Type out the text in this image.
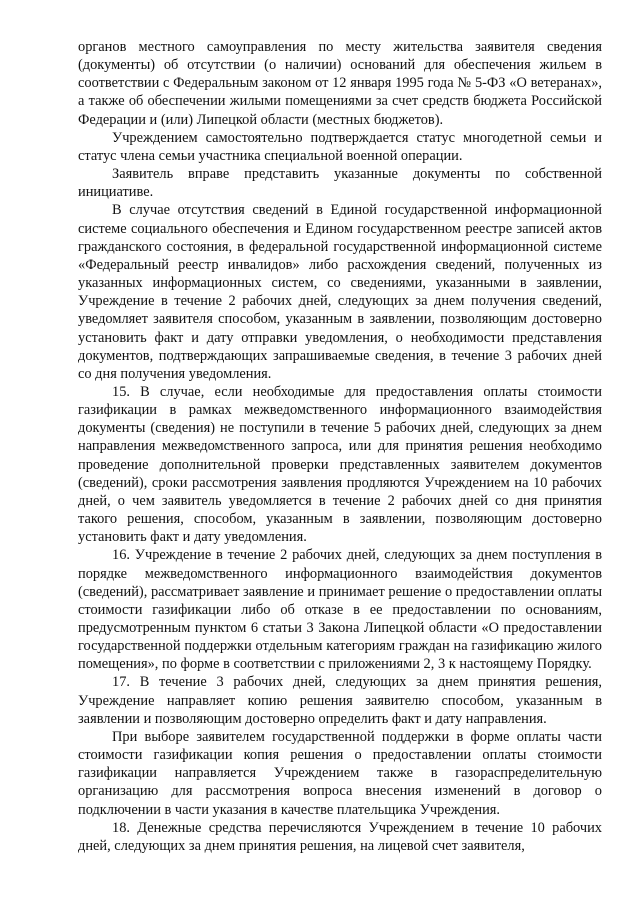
органов местного самоуправления по месту жительства заявителя сведения (документы) об отсутствии (о наличии) оснований для обеспечения жильем в соответствии с Федеральным законом от 12 января 1995 года № 5-ФЗ «О ветеранах», а также об обеспечении жилыми помещениями за счет средств бюджета Российской Федерации и (или) Липецкой области (местных бюджетов).

Учреждением самостоятельно подтверждается статус многодетной семьи и статус члена семьи участника специальной военной операции.

Заявитель вправе представить указанные документы по собственной инициативе.

В случае отсутствия сведений в Единой государственной информационной системе социального обеспечения и Едином государственном реестре записей актов гражданского состояния, в федеральной государственной информационной системе «Федеральный реестр инвалидов» либо расхождения сведений, полученных из указанных информационных систем, со сведениями, указанными в заявлении, Учреждение в течение 2 рабочих дней, следующих за днем получения сведений, уведомляет заявителя способом, указанным в заявлении, позволяющим достоверно установить факт и дату отправки уведомления, о необходимости представления документов, подтверждающих запрашиваемые сведения, в течение 3 рабочих дней со дня получения уведомления.

15. В случае, если необходимые для предоставления оплаты стоимости газификации в рамках межведомственного информационного взаимодействия документы (сведения) не поступили в течение 5 рабочих дней, следующих за днем направления межведомственного запроса, или для принятия решения необходимо проведение дополнительной проверки представленных заявителем документов (сведений), сроки рассмотрения заявления продляются Учреждением на 10 рабочих дней, о чем заявитель уведомляется в течение 2 рабочих дней со дня принятия такого решения, способом, указанным в заявлении, позволяющим достоверно установить факт и дату уведомления.

16. Учреждение в течение 2 рабочих дней, следующих за днем поступления в порядке межведомственного информационного взаимодействия документов (сведений), рассматривает заявление и принимает решение о предоставлении оплаты стоимости газификации либо об отказе в ее предоставлении по основаниям, предусмотренным пунктом 6 статьи 3 Закона Липецкой области «О предоставлении государственной поддержки отдельным категориям граждан на газификацию жилого помещения», по форме в соответствии с приложениями 2, 3 к настоящему Порядку.

17. В течение 3 рабочих дней, следующих за днем принятия решения, Учреждение направляет копию решения заявителю способом, указанным в заявлении и позволяющим достоверно определить факт и дату направления.

При выборе заявителем государственной поддержки в форме оплаты части стоимости газификации копия решения о предоставлении оплаты стоимости газификации направляется Учреждением также в газораспределительную организацию для рассмотрения вопроса внесения изменений в договор о подключении в части указания в качестве плательщика Учреждения.

18. Денежные средства перечисляются Учреждением в течение 10 рабочих дней, следующих за днем принятия решения, на лицевой счет заявителя,
